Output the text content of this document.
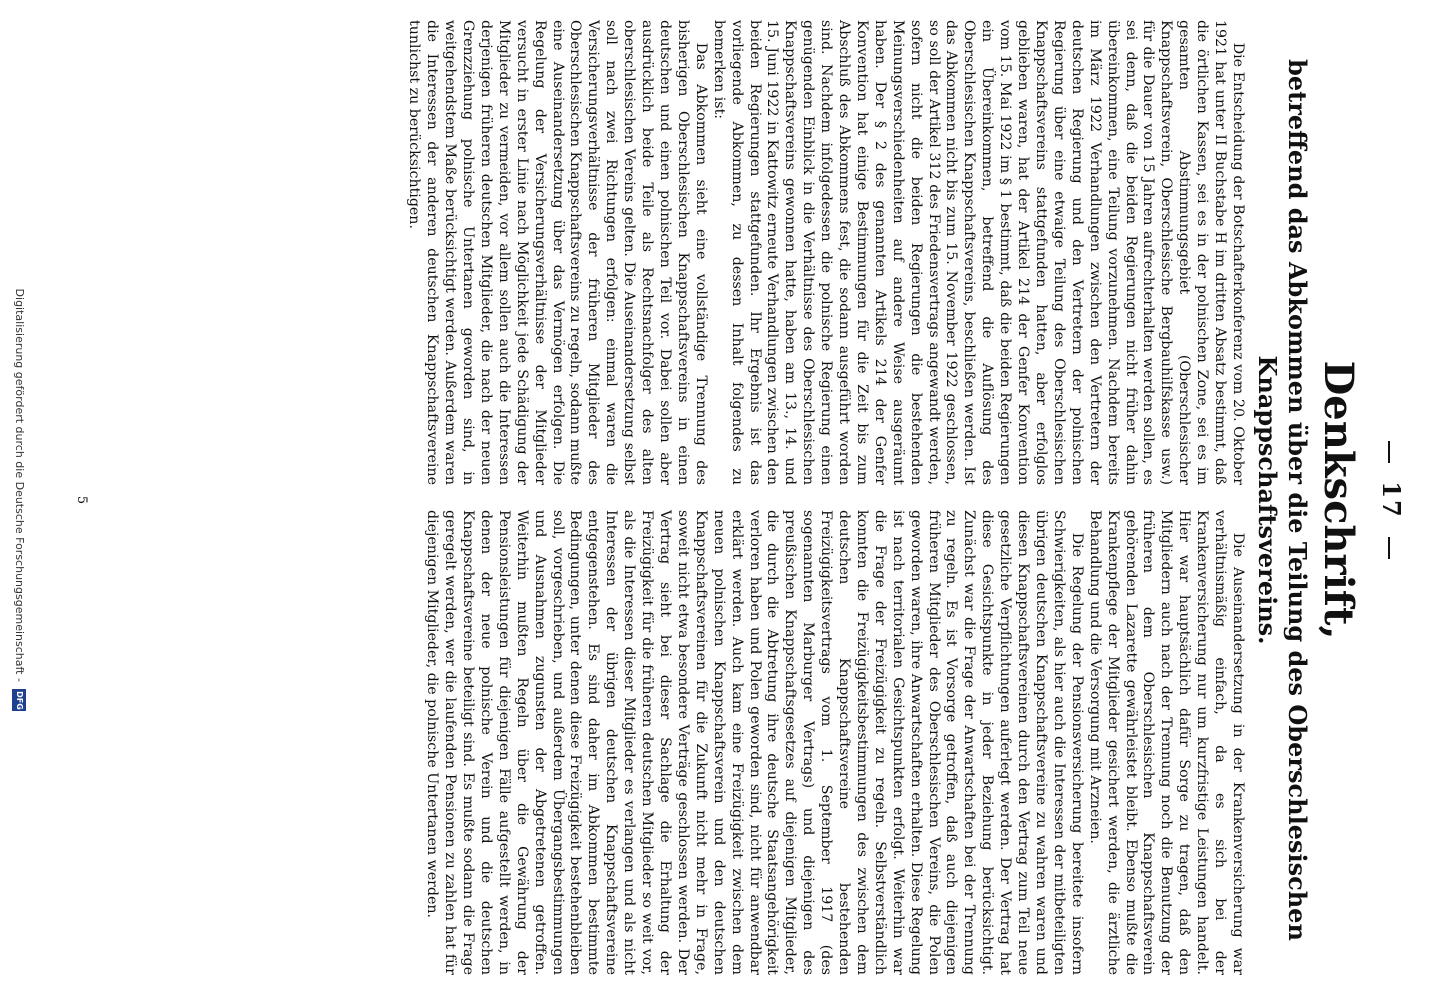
17
Denkschrift,
betreffend das Abkommen über die Teilung des Oberschlesischen Knappschaftsvereins.

Die Entscheidung der Botschafterkonferenz vom 20. Oktober 1921 hat unter II Buchstabe H im dritten Absatz bestimmt, daß die örtlichen Kassen, sei es in der polnischen Zone, sei es im gesamten Abstimmungsgebiet (Oberschlesischer Knappschaftsverein, Oberschlesische Bergbauhilfskasse usw.) für die Dauer von 15 Jahren aufrechterhalten werden sollen, es sei denn, daß die beiden Regierungen nicht früher dahin übereinkommen, eine Teilung vorzunehmen. Nachdem bereits im März 1922 Verhandlungen zwischen den Vertretern der deutschen Regierung und den Vertretern der polnischen Regierung über eine etwaige Teilung des Oberschlesischen Knappschaftsvereins stattgefunden hatten, aber erfolglos geblieben waren, hat der Artikel 214 der Genfer Konvention vom 15. Mai 1922 im § 1 bestimmt, daß die beiden Regierungen ein Übereinkommen, betreffend die Auflösung des Oberschlesischen Knappschaftsvereins, beschließen werden. Ist das Abkommen nicht bis zum 15. November 1922 geschlossen, so soll der Artikel 312 des Friedensvertrags angewandt werden, sofern nicht die beiden Regierungen die bestehenden Meinungsverschiedenheiten auf andere Weise ausgeräumt haben. Der § 2 des genannten Artikels 214 der Genfer Konvention hat einige Bestimmungen für die Zeit bis zum Abschluß des Abkommens fest, die sodann ausgeführt worden sind. Nachdem infolgedessen die polnische Regierung einen genügenden Einblick in die Verhältnisse des Oberschlesischen Knappschaftsvereins gewonnen hatte, haben am 13., 14. und 15. Juni 1922 in Kattowitz erneute Verhandlungen zwischen den beiden Regierungen stattgefunden. Ihr Ergebnis ist das vorliegende Abkommen, zu dessen Inhalt folgendes zu bemerken ist:

Das Abkommen sieht eine vollständige Trennung des bisherigen Oberschlesischen Knappschaftsvereins in einen deutschen und einen polnischen Teil vor. Dabei sollen aber ausdrücklich beide Teile als Rechtsnachfolger des alten oberschlesischen Vereins gelten. Die Auseinandersetzung selbst soll nach zwei Richtungen erfolgen: einmal waren die Versicherungsverhältnisse der früheren Mitglieder des Oberschlesischen Knappschaftsvereins zu regeln, sodann mußte eine Auseinandersetzung über das Vermögen erfolgen. Die Regelung der Versicherungsverhältnisse der Mitglieder versucht in erster Linie nach Möglichkeit jede Schädigung der Mitglieder zu vermeiden, vor allem sollen auch die Interessen derjenigen früheren deutschen Mitglieder, die nach der neuen Grenzziehung polnische Untertanen geworden sind, in weitgehendstem Maße berücksichtigt werden. Außerdem waren die Interessen der anderen deutschen Knappschaftsvereine tunlichst zu berücksichtigen.

Die Auseinandersetzung in der Krankenversicherung war verhältnismäßig einfach, da es sich bei der Krankenversicherung nur um kurzfristige Leistungen handelt. Hier war hauptsächlich dafür Sorge zu tragen, daß den Mitgliedern auch nach der Trennung noch die Benutzung der früheren dem Oberschlesischen Knappschaftsverein gehörenden Lazarette gewährleistet bleibt. Ebenso mußte die Krankenpflege der Mitglieder gesichert werden, die ärztliche Behandlung und die Versorgung mit Arzneien.

Die Regelung der Pensionsversicherung bereitete insofern Schwierigkeiten, als hier auch die Interessen der mitbeteiligten übrigen deutschen Knappschaftsvereine zu wahren waren und diesen Knappschaftsvereinen durch den Vertrag zum Teil neue gesetzliche Verpflichtungen auferlegt werden. Der Vertrag hat diese Gesichtspunkte in jeder Beziehung berücksichtigt. Zunächst war die Frage der Anwartschaften bei der Trennung zu regeln. Es ist Vorsorge getroffen, daß auch diejenigen früheren Mitglieder des Oberschlesischen Vereins, die Polen geworden waren, ihre Anwartschaften erhalten. Diese Regelung ist nach territorialen Gesichtspunkten erfolgt. Weiterhin war die Frage der Freizügigkeit zu regeln. Selbstverständlich konnten die Freizügigkeitsbestimmungen des zwischen dem deutschen Knappschaftsvereine bestehenden Freizügigkeitsvertrags vom 1. September 1917 (des sogenannten Marburger Vertrags) und diejenigen des preußischen Knappschaftsgesetzes auf diejenigen Mitglieder, die durch die Abtretung ihre deutsche Staatsangehörigkeit verloren haben und Polen geworden sind, nicht für anwendbar erklärt werden. Auch kam eine Freizügigkeit zwischen dem neuen polnischen Knappschaftsverein und den deutschen Knappschaftsvereinen für die Zukunft nicht mehr in Frage, soweit nicht etwa besondere Verträge geschlossen werden. Der Vertrag sieht bei dieser Sachlage die Erhaltung der Freizügigkeit für die früheren deutschen Mitglieder so weit vor, als die Interessen dieser Mitglieder es verlangen und als nicht Interessen der übrigen deutschen Knappschaftsvereine entgegenstehen. Es sind daher im Abkommen bestimmte Bedingungen, unter denen diese Freizügigkeit bestehenbleiben soll, vorgeschrieben, und außerdem Übergangsbestimmungen und Ausnahmen zugunsten der Abgetretenen getroffen. Weiterhin mußten Regeln über die Gewährung der Pensionsleistungen für diejenigen Fälle aufgestellt werden, in denen der neue polnische Verein und die deutschen Knappschaftsvereine beteiligt sind. Es mußte sodann die Frage geregelt werden, wer die laufenden Pensionen zu zahlen hat für diejenigen Mitglieder, die polnische Untertanen werden.

5
Digitalisierung gefördert durch die Deutsche Forschungsgemeinschaft - DFG
